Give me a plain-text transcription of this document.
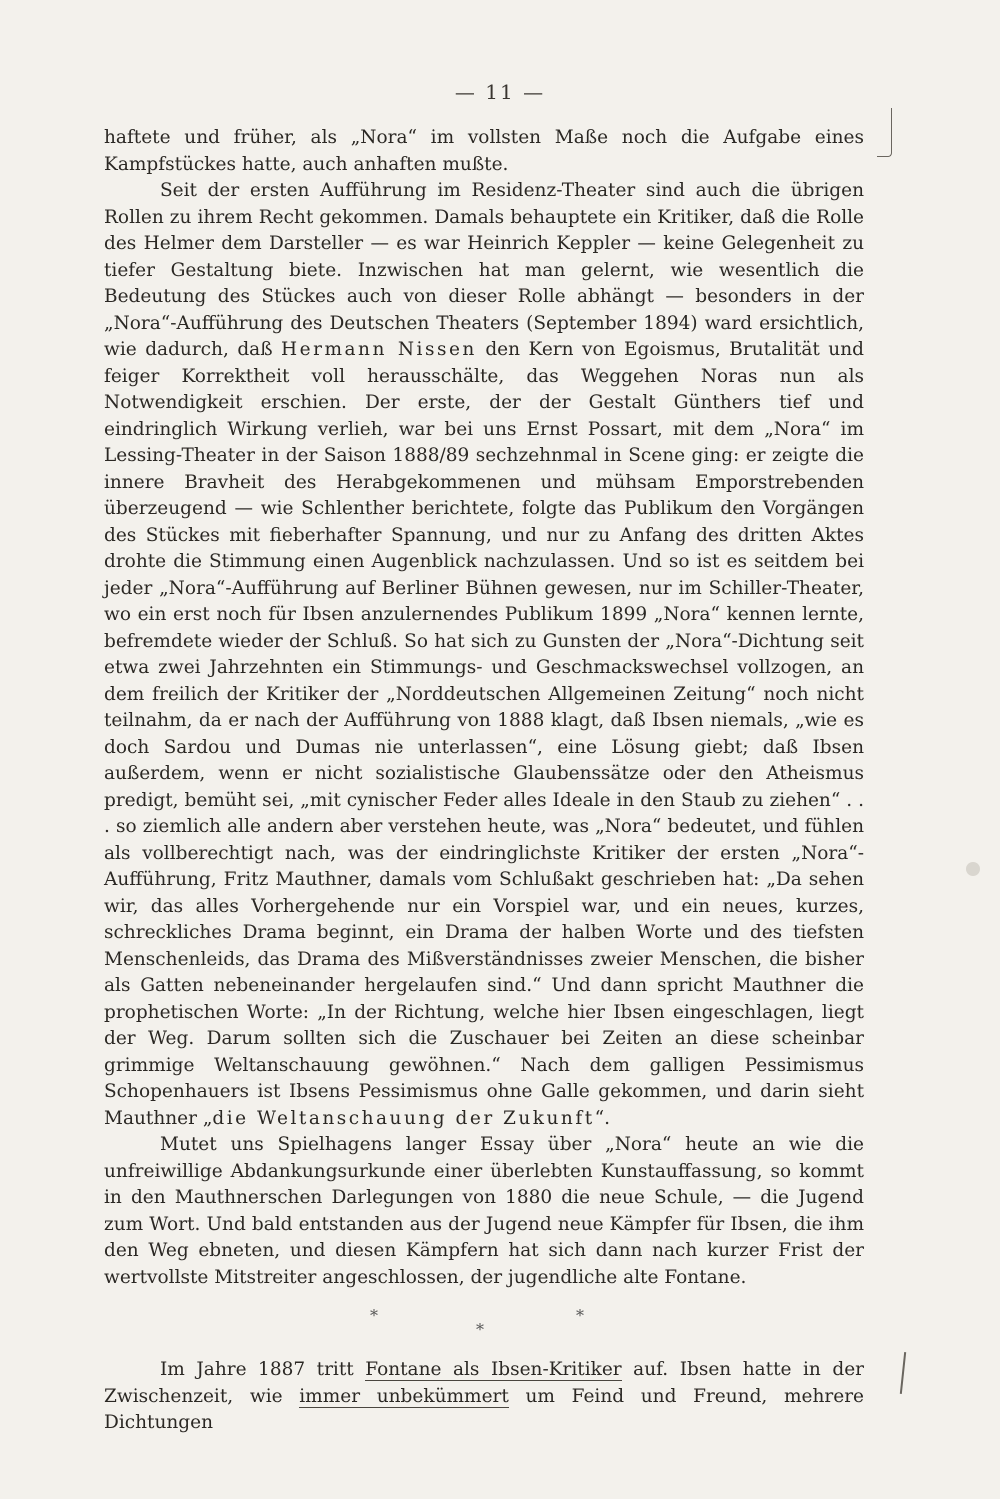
— 11 —

haftete und früher, als „Nora“ im vollsten Maße noch die Aufgabe eines Kampfstückes hatte, auch anhaften mußte.

Seit der ersten Aufführung im Residenz-Theater sind auch die übrigen Rollen zu ihrem Recht gekommen. Damals behauptete ein Kritiker, daß die Rolle des Helmer dem Darsteller — es war Heinrich Keppler — keine Gelegenheit zu tiefer Gestaltung biete. Inzwischen hat man gelernt, wie wesentlich die Bedeutung des Stückes auch von dieser Rolle abhängt — besonders in der „Nora“-Aufführung des Deutschen Theaters (September 1894) ward ersichtlich, wie dadurch, daß Hermann Nissen den Kern von Egoismus, Brutalität und feiger Korrektheit voll herausschälte, das Weggehen Noras nun als Notwendigkeit erschien. Der erste, der der Gestalt Günthers tief und eindringlich Wirkung verlieh, war bei uns Ernst Possart, mit dem „Nora“ im Lessing-Theater in der Saison 1888/89 sechzehnmal in Scene ging: er zeigte die innere Bravheit des Herabgekommenen und mühsam Emporstrebenden überzeugend — wie Schlenther berichtete, folgte das Publikum den Vorgängen des Stückes mit fieberhafter Spannung, und nur zu Anfang des dritten Aktes drohte die Stimmung einen Augenblick nachzulassen. Und so ist es seitdem bei jeder „Nora“-Aufführung auf Berliner Bühnen gewesen, nur im Schiller-Theater, wo ein erst noch für Ibsen anzulernendes Publikum 1899 „Nora“ kennen lernte, befremdete wieder der Schluß. So hat sich zu Gunsten der „Nora“-Dichtung seit etwa zwei Jahrzehnten ein Stimmungs- und Geschmackswechsel vollzogen, an dem freilich der Kritiker der „Norddeutschen Allgemeinen Zeitung“ noch nicht teilnahm, da er nach der Aufführung von 1888 klagt, daß Ibsen niemals, „wie es doch Sardou und Dumas nie unterlassen“, eine Lösung giebt; daß Ibsen außerdem, wenn er nicht sozialistische Glaubenssätze oder den Atheismus predigt, bemüht sei, „mit cynischer Feder alles Ideale in den Staub zu ziehen“ . . . so ziemlich alle andern aber verstehen heute, was „Nora“ bedeutet, und fühlen als vollberechtigt nach, was der eindringlichste Kritiker der ersten „Nora“-Aufführung, Fritz Mauthner, damals vom Schlußakt geschrieben hat: „Da sehen wir, das alles Vorhergehende nur ein Vorspiel war, und ein neues, kurzes, schreckliches Drama beginnt, ein Drama der halben Worte und des tiefsten Menschenleids, das Drama des Mißverständnisses zweier Menschen, die bisher als Gatten nebeneinander hergelaufen sind.“ Und dann spricht Mauthner die prophetischen Worte: „In der Richtung, welche hier Ibsen eingeschlagen, liegt der Weg. Darum sollten sich die Zuschauer bei Zeiten an diese scheinbar grimmige Weltanschauung gewöhnen.“ Nach dem galligen Pessimismus Schopenhauers ist Ibsens Pessimismus ohne Galle gekommen, und darin sieht Mauthner „die Weltanschauung der Zukunft“.

Mutet uns Spielhagens langer Essay über „Nora“ heute an wie die unfreiwillige Abdankungsurkunde einer überlebten Kunstauffassung, so kommt in den Mauthnerschen Darlegungen von 1880 die neue Schule, — die Jugend zum Wort. Und bald entstanden aus der Jugend neue Kämpfer für Ibsen, die ihm den Weg ebneten, und diesen Kämpfern hat sich dann nach kurzer Frist der wertvollste Mitstreiter angeschlossen, der jugendliche alte Fontane.

*
*
*

Im Jahre 1887 tritt Fontane als Ibsen-Kritiker auf. Ibsen hatte in der Zwischenzeit, wie immer unbekümmert um Feind und Freund, mehrere Dichtungen
